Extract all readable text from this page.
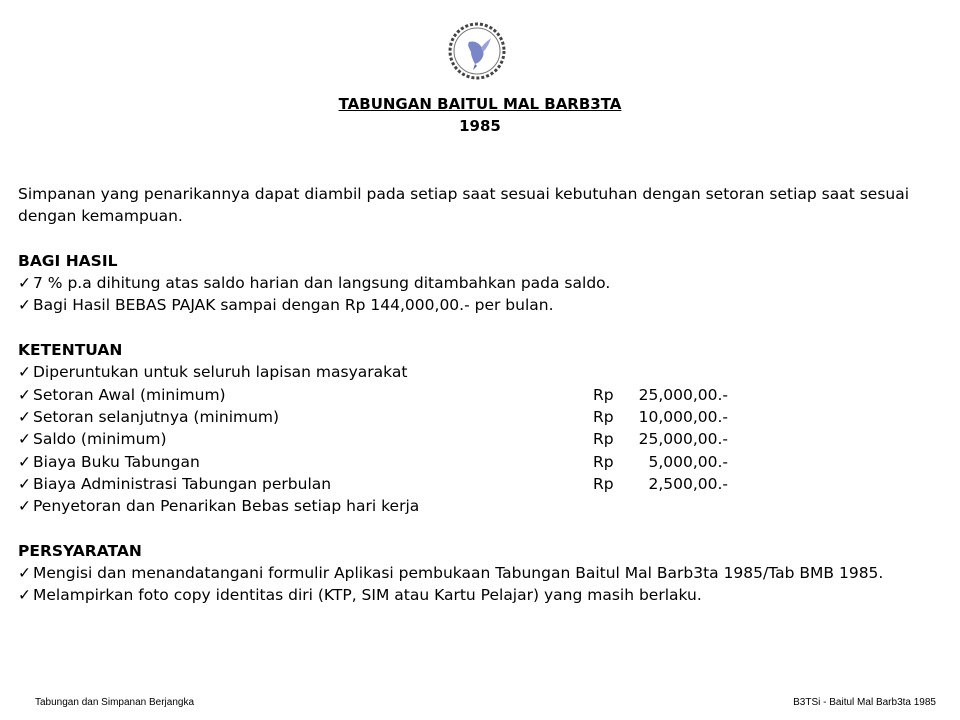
TABUNGAN BAITUL MAL BARB3TA
1985

Simpanan yang penarikannya dapat diambil pada setiap saat sesuai kebutuhan dengan setoran setiap saat sesuai dengan kemampuan.

BAGI HASIL
✓ 7 % p.a dihitung atas saldo harian dan langsung ditambahkan pada saldo.
✓ Bagi Hasil BEBAS PAJAK sampai dengan Rp 144,000,00.- per bulan.
KETENTUAN
✓ Diperuntukan untuk seluruh lapisan masyarakat
✓ Setoran Awal (minimum)	Rp	25,000,00.-
✓ Setoran selanjutnya (minimum)	Rp	10,000,00.-
✓ Saldo (minimum)	Rp	25,000,00.-
✓ Biaya Buku Tabungan	Rp	5,000,00.-
✓ Biaya Administrasi Tabungan perbulan	Rp	2,500,00.-
✓ Penyetoran dan Penarikan Bebas setiap hari kerja
PERSYARATAN
✓ Mengisi dan menandatangani formulir Aplikasi pembukaan Tabungan Baitul Mal Barb3ta 1985/Tab BMB 1985.
✓ Melampirkan foto copy identitas diri (KTP, SIM atau Kartu Pelajar) yang masih berlaku.
Tabungan dan Simpanan Berjangka	B3TSi - Baitul Mal Barb3ta 1985
